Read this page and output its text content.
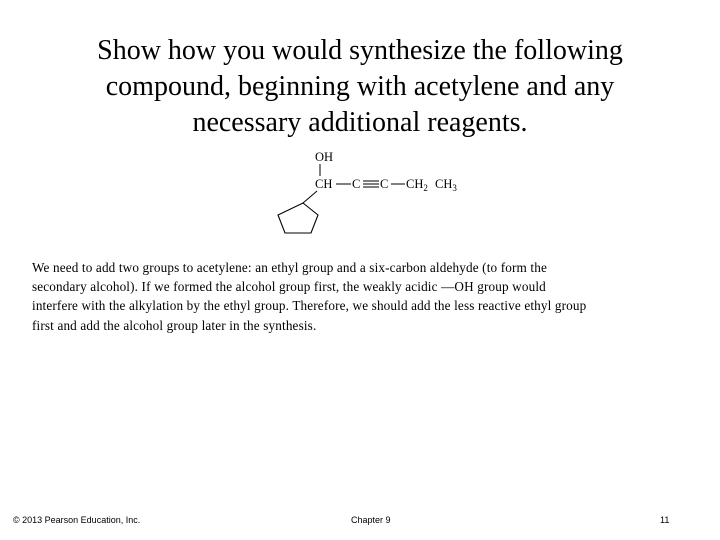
Show how you would synthesize the following
compound, beginning with acetylene and any
necessary additional reagents.
OH
CH C C $CH_2$ $CH_3$

We need to add two groups to acetylene: an ethyl group and a six-carbon aldehyde (to form the
secondary alcohol). If we formed the alcohol group first, the weakly acidic —OH group would
interfere with the alkylation by the ethyl group. Therefore, we should add the less reactive ethyl group
first and add the alcohol group later in the synthesis.

© 2013 Pearson Education, Inc.	Chapter 9	11
